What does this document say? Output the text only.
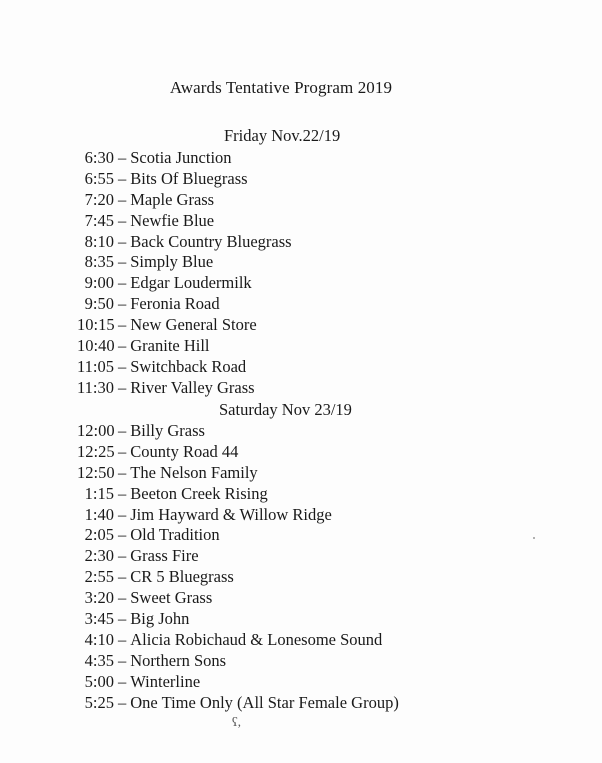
Awards Tentative Program 2019
Friday Nov.22/19
6:30 – Scotia Junction
6:55 – Bits Of Bluegrass
7:20 – Maple Grass
7:45 – Newfie Blue
8:10 – Back Country Bluegrass
8:35 – Simply Blue
9:00 – Edgar Loudermilk
9:50 – Feronia Road
10:15 – New General Store
10:40 – Granite Hill
11:05 – Switchback Road
11:30 – River Valley Grass
Saturday Nov 23/19
12:00 – Billy Grass
12:25 – County Road 44
12:50 – The Nelson Family
1:15 – Beeton Creek Rising
1:40 – Jim Hayward & Willow Ridge
2:05 – Old Tradition
2:30 – Grass Fire
2:55 – CR 5 Bluegrass
3:20 – Sweet Grass
3:45 – Big John
4:10 – Alicia Robichaud & Lonesome Sound
4:35 – Northern Sons
5:00 – Winterline
5:25 – One Time Only (All Star Female Group)
ʕ,
